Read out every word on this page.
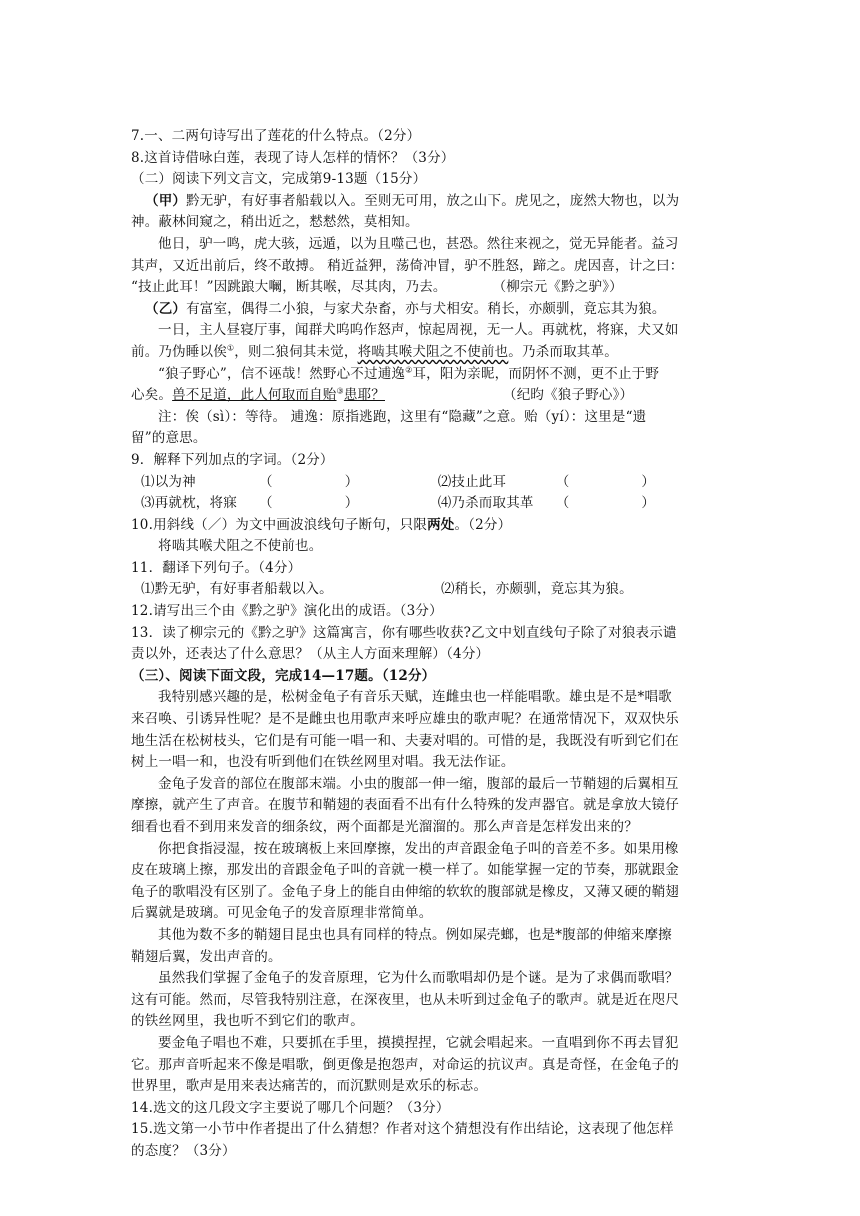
7.一、二两句诗写出了莲花的什么特点。（2分）
8.这首诗借咏白莲，表现了诗人怎样的情怀？（3分）
（二）阅读下列文言文，完成第9-13题（15分）
（甲）黔无驴，有好事者船载以入。至则无可用，放之山下。虎见之，庞然大物也，以为
神。蔽林间窥之，稍出近之，慭慭然，莫相知。
他日，驴一鸣，虎大骇，远遁，以为且噬己也，甚恐。然往来视之，觉无异能者。益习
其声，又近出前后，终不敢搏。 稍近益狎，荡倚冲冒，驴不胜怒，蹄之。虎因喜，计之曰：
“技止此耳！”因跳踉大㘎，断其喉，尽其肉，乃去。	（柳宗元《黔之驴》）
（乙）有富室，偶得二小狼，与家犬杂畜，亦与犬相安。稍长，亦颇驯，竟忘其为狼。
一日，主人昼寝厅事，闻群犬呜呜作怒声，惊起周视，无一人。再就枕，将寐，犬又如
前。乃伪睡以俟①，则二狼伺其未觉，将啮其喉犬阻之不使前也。乃杀而取其革。
“狼子野心”，信不诬哉！然野心不过逋逸②耳，阳为亲昵，而阴怀不测，更不止于野
心矣。兽不足道，此人何取而自贻③患耶？	（纪昀《狼子野心》）
注：俟（sì）：等待。 逋逸：原指逃跑，这里有“隐藏”之意。贻（yí）：这里是“遗
留”的意思。
9．解释下列加点的字词。（2分）
⑴以为神	（	）	⑵技止此耳	（	）
⑶再就枕，将寐	（	）	⑷乃杀而取其革	（	）
10.用斜线（／）为文中画波浪线句子断句，只限两处。（2分）
将啮其喉犬阻之不使前也。
11．翻译下列句子。（4分）
⑴黔无驴，有好事者船载以入。	⑵稍长，亦颇驯，竟忘其为狼。
12.请写出三个由《黔之驴》演化出的成语。（3分）
13．读了柳宗元的《黔之驴》这篇寓言，你有哪些收获?乙文中划直线句子除了对狼表示谴
责以外，还表达了什么意思？（从主人方面来理解）（4分）
（三）、阅读下面文段，完成14—17题。（12分）
我特别感兴趣的是，松树金龟子有音乐天赋，连雌虫也一样能唱歌。雄虫是不是*唱歌
来召唤、引诱异性呢？是不是雌虫也用歌声来呼应雄虫的歌声呢？在通常情况下，双双快乐
地生活在松树枝头，它们是有可能一唱一和、夫妻对唱的。可惜的是，我既没有听到它们在
树上一唱一和，也没有听到他们在铁丝网里对唱。我无法作证。
金龟子发音的部位在腹部末端。小虫的腹部一伸一缩，腹部的最后一节鞘翅的后翼相互
摩擦，就产生了声音。在腹节和鞘翅的表面看不出有什么特殊的发声器官。就是拿放大镜仔
细看也看不到用来发音的细条纹，两个面都是光溜溜的。那么声音是怎样发出来的？
你把食指浸湿，按在玻璃板上来回摩擦，发出的声音跟金龟子叫的音差不多。如果用橡
皮在玻璃上擦，那发出的音跟金龟子叫的音就一模一样了。如能掌握一定的节奏，那就跟金
龟子的歌唱没有区别了。金龟子身上的能自由伸缩的软软的腹部就是橡皮，又薄又硬的鞘翅
后翼就是玻璃。可见金龟子的发音原理非常简单。
其他为数不多的鞘翅目昆虫也具有同样的特点。例如屎壳螂，也是*腹部的伸缩来摩擦
鞘翅后翼，发出声音的。
虽然我们掌握了金龟子的发音原理，它为什么而歌唱却仍是个谜。是为了求偶而歌唱？
这有可能。然而，尽管我特别注意，在深夜里，也从未听到过金龟子的歌声。就是近在咫尺
的铁丝网里，我也听不到它们的歌声。
要金龟子唱也不难，只要抓在手里，摸摸捏捏，它就会唱起来。一直唱到你不再去冒犯
它。那声音听起来不像是唱歌，倒更像是抱怨声，对命运的抗议声。真是奇怪，在金龟子的
世界里，歌声是用来表达痛苦的，而沉默则是欢乐的标志。
14.选文的这几段文字主要说了哪几个问题？（3分）
15.选文第一小节中作者提出了什么猜想？作者对这个猜想没有作出结论，这表现了他怎样
的态度？（3分）
